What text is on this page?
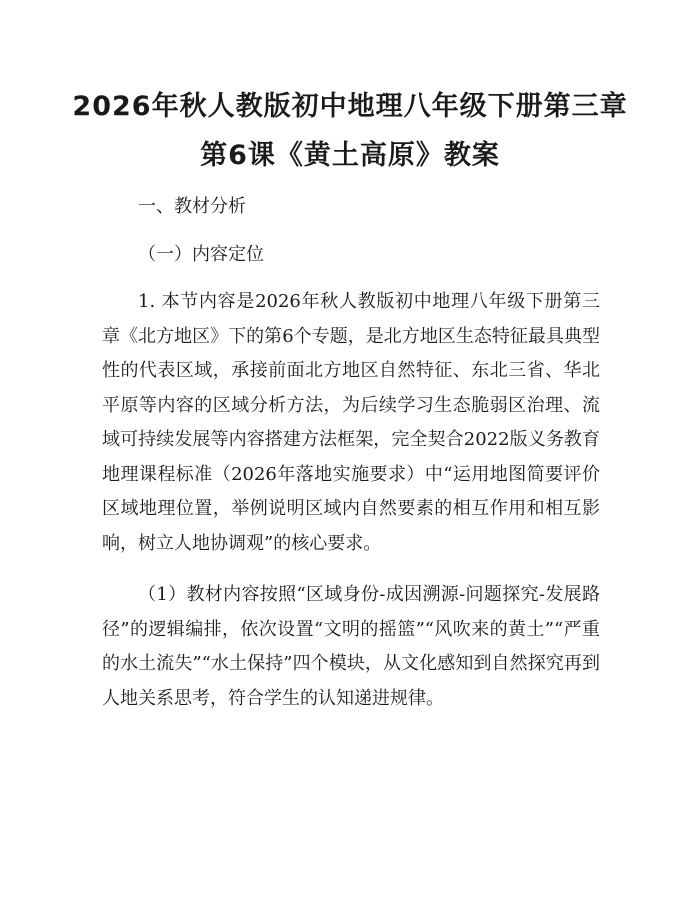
2026年秋人教版初中地理八年级下册第三章
第6课《黄土高原》教案
一、教材分析
（一）内容定位
1. 本节内容是2026年秋人教版初中地理八年级下册第三章《北方地区》下的第6个专题，是北方地区生态特征最具典型性的代表区域，承接前面北方地区自然特征、东北三省、华北平原等内容的区域分析方法，为后续学习生态脆弱区治理、流域可持续发展等内容搭建方法框架，完全契合2022版义务教育地理课程标准（2026年落地实施要求）中“运用地图简要评价区域地理位置，举例说明区域内自然要素的相互作用和相互影响，树立人地协调观”的核心要求。
（1）教材内容按照“区域身份-成因溯源-问题探究-发展路径”的逻辑编排，依次设置“文明的摇篮”“风吹来的黄土”“严重的水土流失”“水土保持”四个模块，从文化感知到自然探究再到人地关系思考，符合学生的认知递进规律。
